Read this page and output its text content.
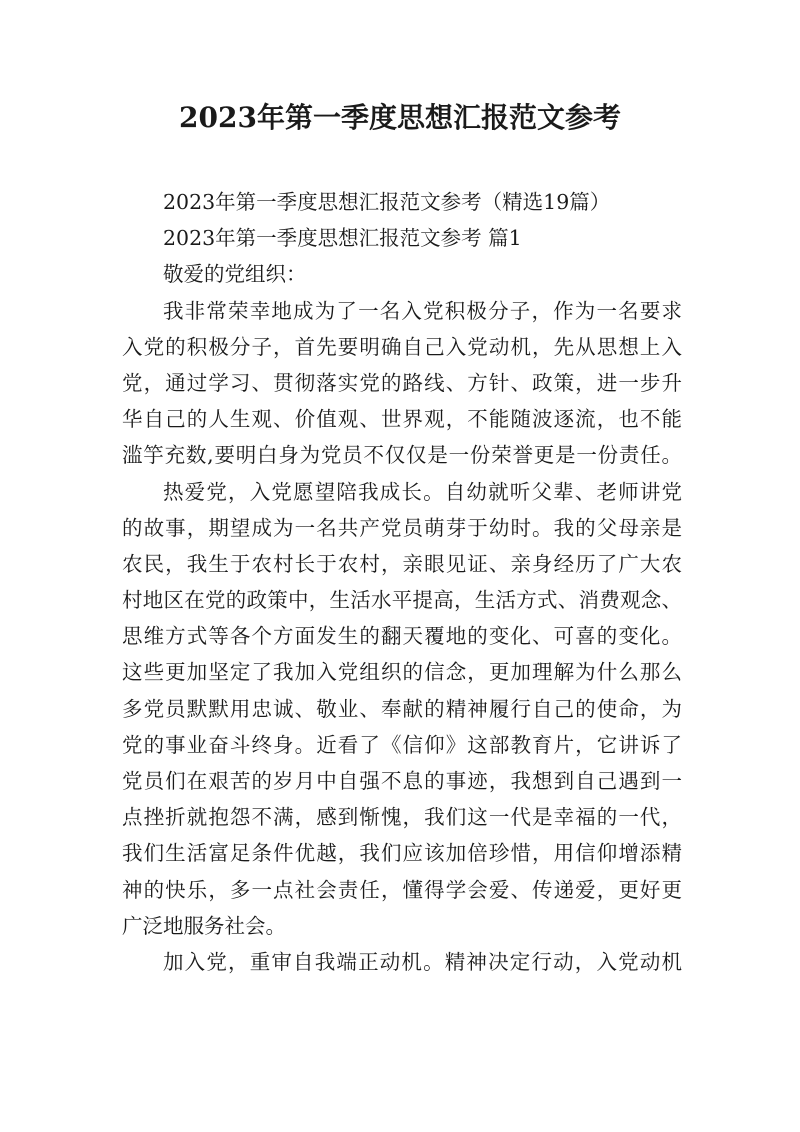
2023年第一季度思想汇报范文参考
2023年第一季度思想汇报范文参考（精选19篇）
2023年第一季度思想汇报范文参考 篇1
敬爱的党组织：
我非常荣幸地成为了一名入党积极分子，作为一名要求
入党的积极分子，首先要明确自己入党动机，先从思想上入
党，通过学习、贯彻落实党的路线、方针、政策，进一步升
华自己的人生观、价值观、世界观，不能随波逐流，也不能
滥竽充数,要明白身为党员不仅仅是一份荣誉更是一份责任。
热爱党，入党愿望陪我成长。自幼就听父辈、老师讲党
的故事，期望成为一名共产党员萌芽于幼时。我的父母亲是
农民，我生于农村长于农村，亲眼见证、亲身经历了广大农
村地区在党的政策中，生活水平提高，生活方式、消费观念、
思维方式等各个方面发生的翻天覆地的变化、可喜的变化。
这些更加坚定了我加入党组织的信念，更加理解为什么那么
多党员默默用忠诚、敬业、奉献的精神履行自己的使命，为
党的事业奋斗终身。近看了《信仰》这部教育片，它讲诉了
党员们在艰苦的岁月中自强不息的事迹，我想到自己遇到一
点挫折就抱怨不满，感到惭愧，我们这一代是幸福的一代，
我们生活富足条件优越，我们应该加倍珍惜，用信仰增添精
神的快乐，多一点社会责任，懂得学会爱、传递爱，更好更
广泛地服务社会。
加入党，重审自我端正动机。精神决定行动，入党动机
